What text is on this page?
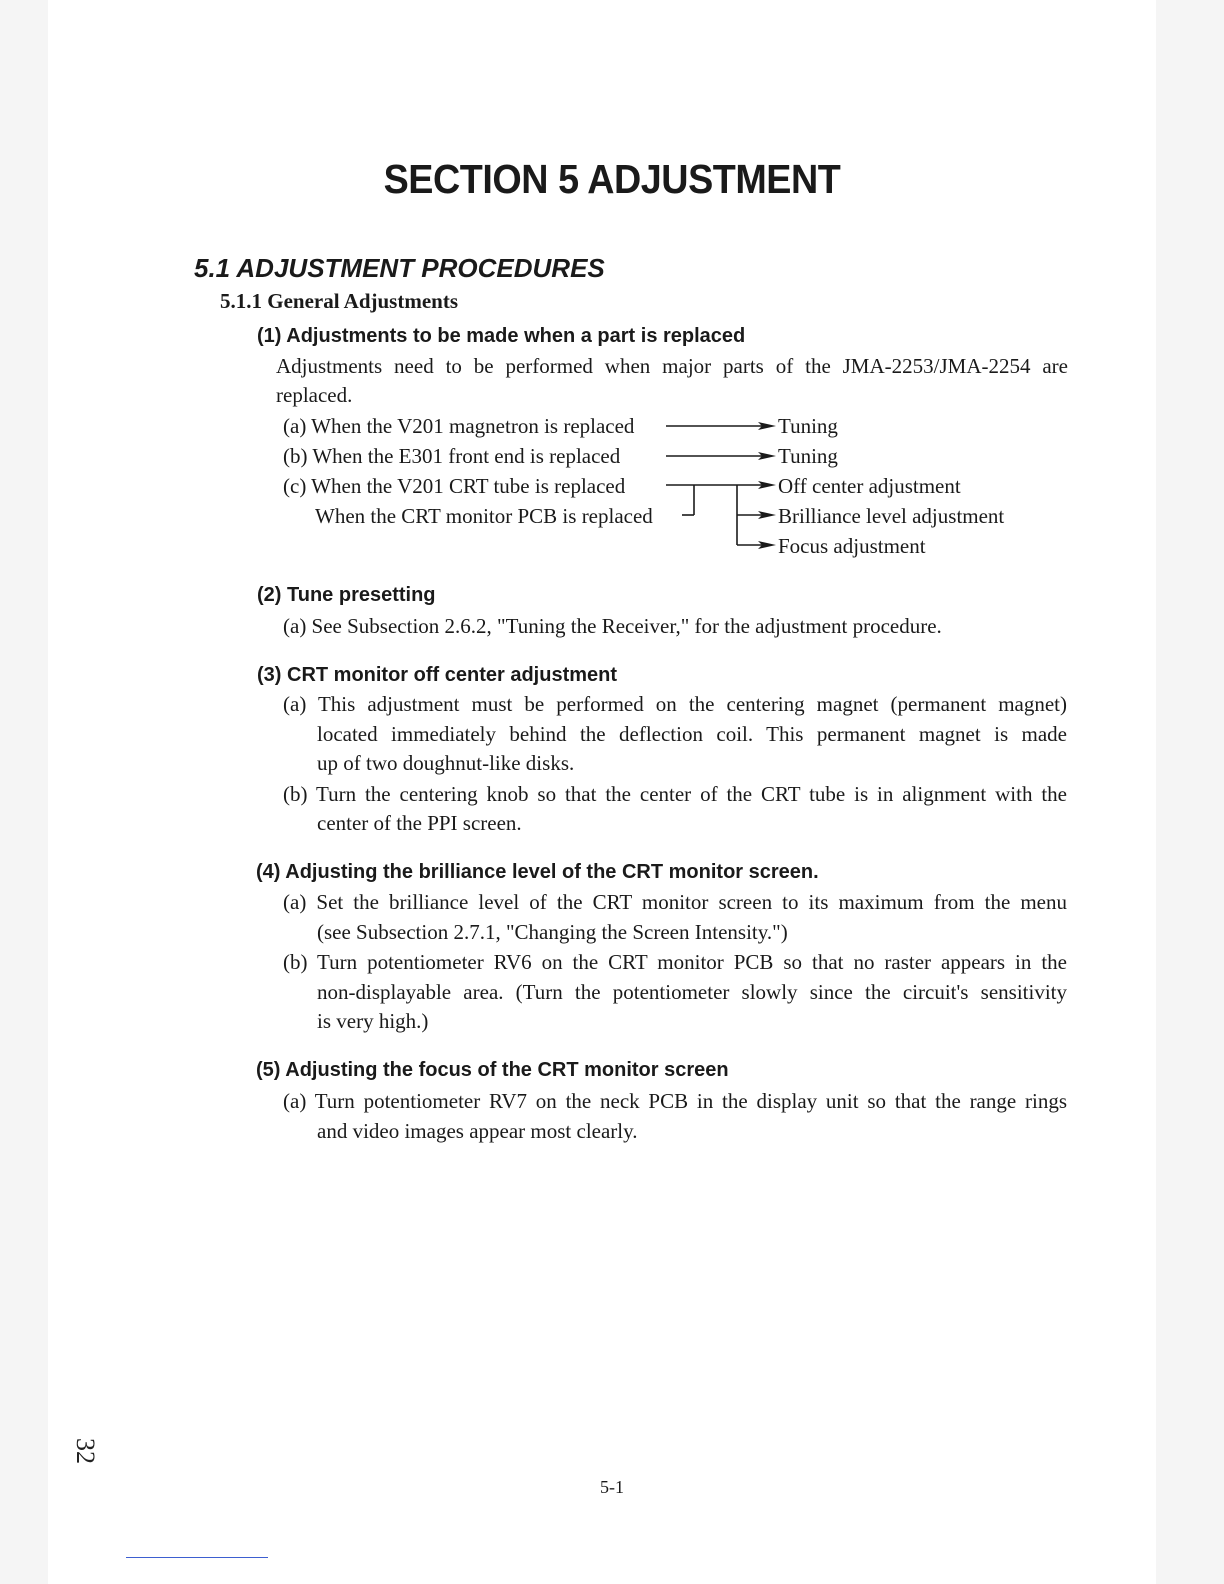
SECTION 5 ADJUSTMENT
5.1 ADJUSTMENT PROCEDURES
5.1.1 General Adjustments
(1) Adjustments to be made when a part is replaced
Adjustments need to be performed when major parts of the JMA-2253/JMA-2254 are
replaced.
(a) When the V201 magnetron is replaced
(b) When the E301 front end is replaced
(c) When the V201 CRT tube is replaced
When the CRT monitor PCB is replaced
Tuning
Tuning
Off center adjustment
Brilliance level adjustment
Focus adjustment
(2) Tune presetting
(a) See Subsection 2.6.2, "Tuning the Receiver," for the adjustment procedure.
(3) CRT monitor off center adjustment
(a) This adjustment must be performed on the centering magnet (permanent magnet)
located immediately behind the deflection coil. This permanent magnet is made
up of two doughnut-like disks.
(b) Turn the centering knob so that the center of the CRT tube is in alignment with the
center of the PPI screen.
(4) Adjusting the brilliance level of the CRT monitor screen.
(a) Set the brilliance level of the CRT monitor screen to its maximum from the menu
(see Subsection 2.7.1, "Changing the Screen Intensity.")
(b) Turn potentiometer RV6 on the CRT monitor PCB so that no raster appears in the
non-displayable area. (Turn the potentiometer slowly since the circuit's sensitivity
is very high.)
(5) Adjusting the focus of the CRT monitor screen
(a) Turn potentiometer RV7 on the neck PCB in the display unit so that the range rings
and video images appear most clearly.
32
5-1
